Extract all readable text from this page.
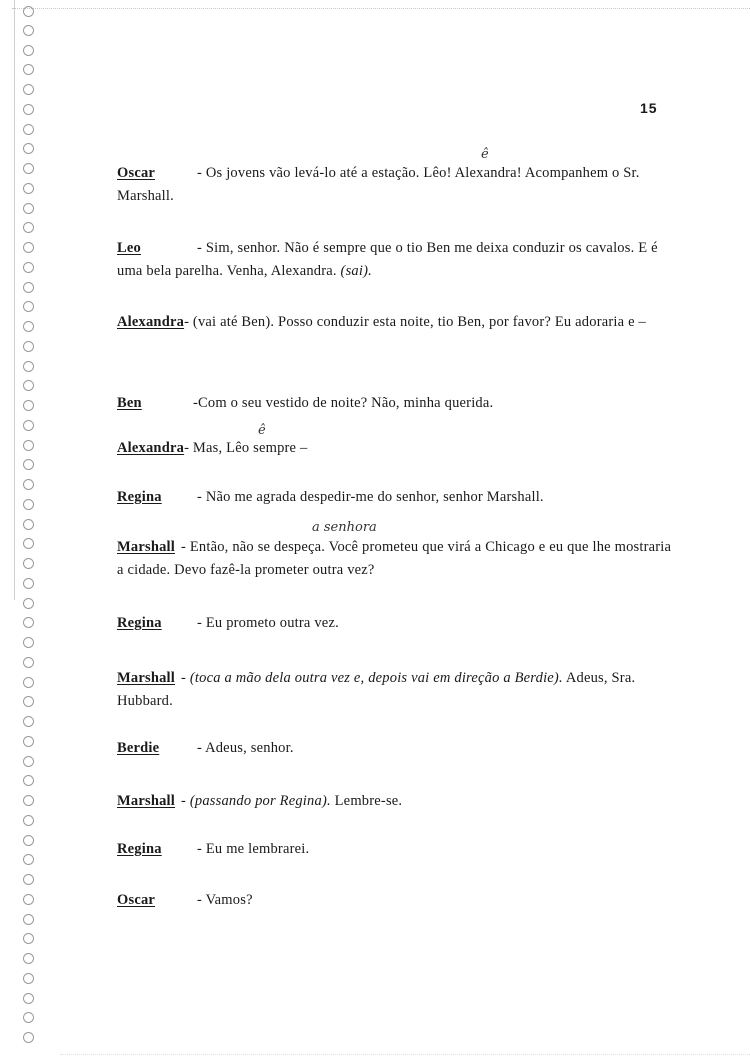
15
Oscar	- Os jovens vão levá-lo até a estação. Lêo! Alexandra! Acompanhem o Sr. Marshall.
ê
Leo	- Sim, senhor. Não é sempre que o tio Ben me deixa conduzir os cavalos. E é uma bela parelha. Venha, Alexandra. (sai).
Alexandra- (vai até Ben). Posso conduzir esta noite, tio Ben, por favor? Eu adoraria e –
Ben	-Com o seu vestido de noite? Não, minha querida.
Alexandra- Mas, Lêo sempre –
ê
Regina - Não me agrada despedir-me do senhor, senhor Marshall.
a senhora
Marshall - Então, não se despeça. Você prometeu que virá a Chicago e eu que lhe mostraria a cidade. Devo fazê-la prometer outra vez?
Regina - Eu prometo outra vez.
Marshall - (toca a mão dela outra vez e, depois vai em direção a Berdie). Adeus, Sra. Hubbard.
Berdie	- Adeus, senhor.
Marshall - (passando por Regina). Lembre-se.
Regina - Eu me lembrarei.
Oscar	- Vamos?
